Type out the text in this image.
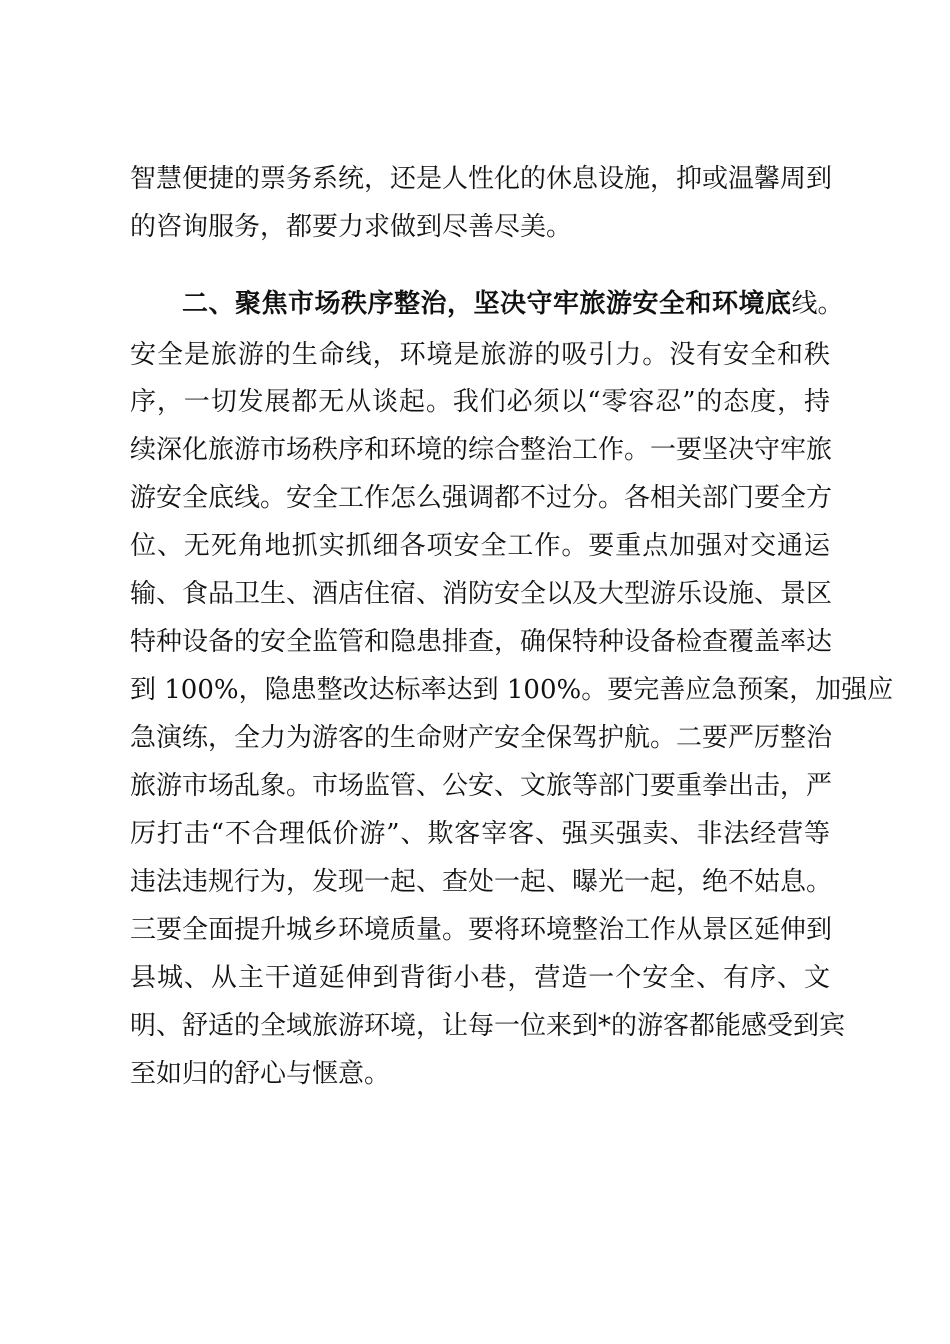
智慧便捷的票务系统，还是人性化的休息设施，抑或温馨周到

的咨询服务，都要力求做到尽善尽美。

二、聚焦市场秩序整治，坚决守牢旅游安全和环境底线。

安全是旅游的生命线，环境是旅游的吸引力。没有安全和秩

序，一切发展都无从谈起。我们必须以“零容忍”的态度，持

续深化旅游市场秩序和环境的综合整治工作。一要坚决守牢旅

游安全底线。安全工作怎么强调都不过分。各相关部门要全方

位、无死角地抓实抓细各项安全工作。要重点加强对交通运

输、食品卫生、酒店住宿、消防安全以及大型游乐设施、景区

特种设备的安全监管和隐患排查，确保特种设备检查覆盖率达

到 100%，隐患整改达标率达到 100%。要完善应急预案，加强应

急演练，全力为游客的生命财产安全保驾护航。二要严厉整治

旅游市场乱象。市场监管、公安、文旅等部门要重拳出击，严

厉打击“不合理低价游”、欺客宰客、强买强卖、非法经营等

违法违规行为，发现一起、查处一起、曝光一起，绝不姑息。

三要全面提升城乡环境质量。要将环境整治工作从景区延伸到

县城、从主干道延伸到背街小巷，营造一个安全、有序、文

明、舒适的全域旅游环境，让每一位来到*的游客都能感受到宾

至如归的舒心与惬意。
